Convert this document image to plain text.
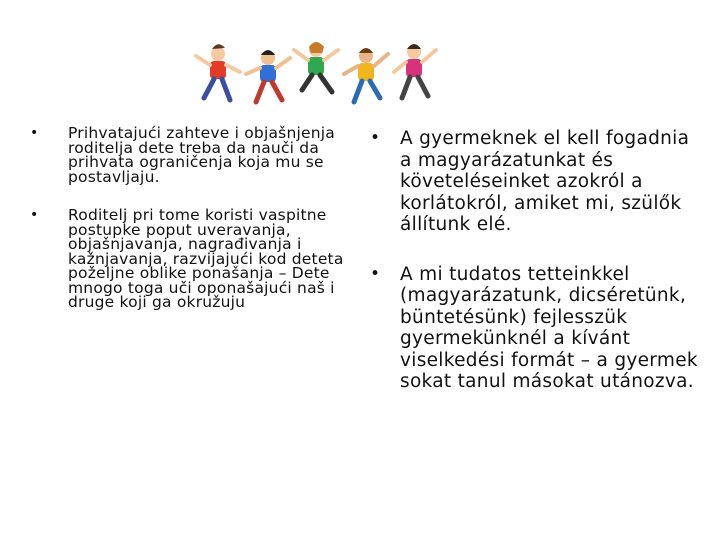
• Prihvatajući zahteve i objašnjenja roditelja dete treba da nauči da prihvata ograničenja koja mu se postavljaju.
• Roditelj pri tome koristi vaspitne postupke poput uveravanja, objašnjavanja, nagrađivanja i kažnjavanja, razvijajući kod deteta poželjne oblike ponašanja – Dete mnogo toga uči oponašajući naš i druge koji ga okružuju
• A gyermeknek el kell fogadnia a magyarázatunkat és követeléseinket azokról a korlátokról, amiket mi, szülők állítunk elé.
• A mi tudatos tetteinkkel (magyarázatunk, dicséretünk, büntetésünk) fejlesszük gyermekünknél a kívánt viselkedési formát – a gyermek sokat tanul másokat utánozva.
